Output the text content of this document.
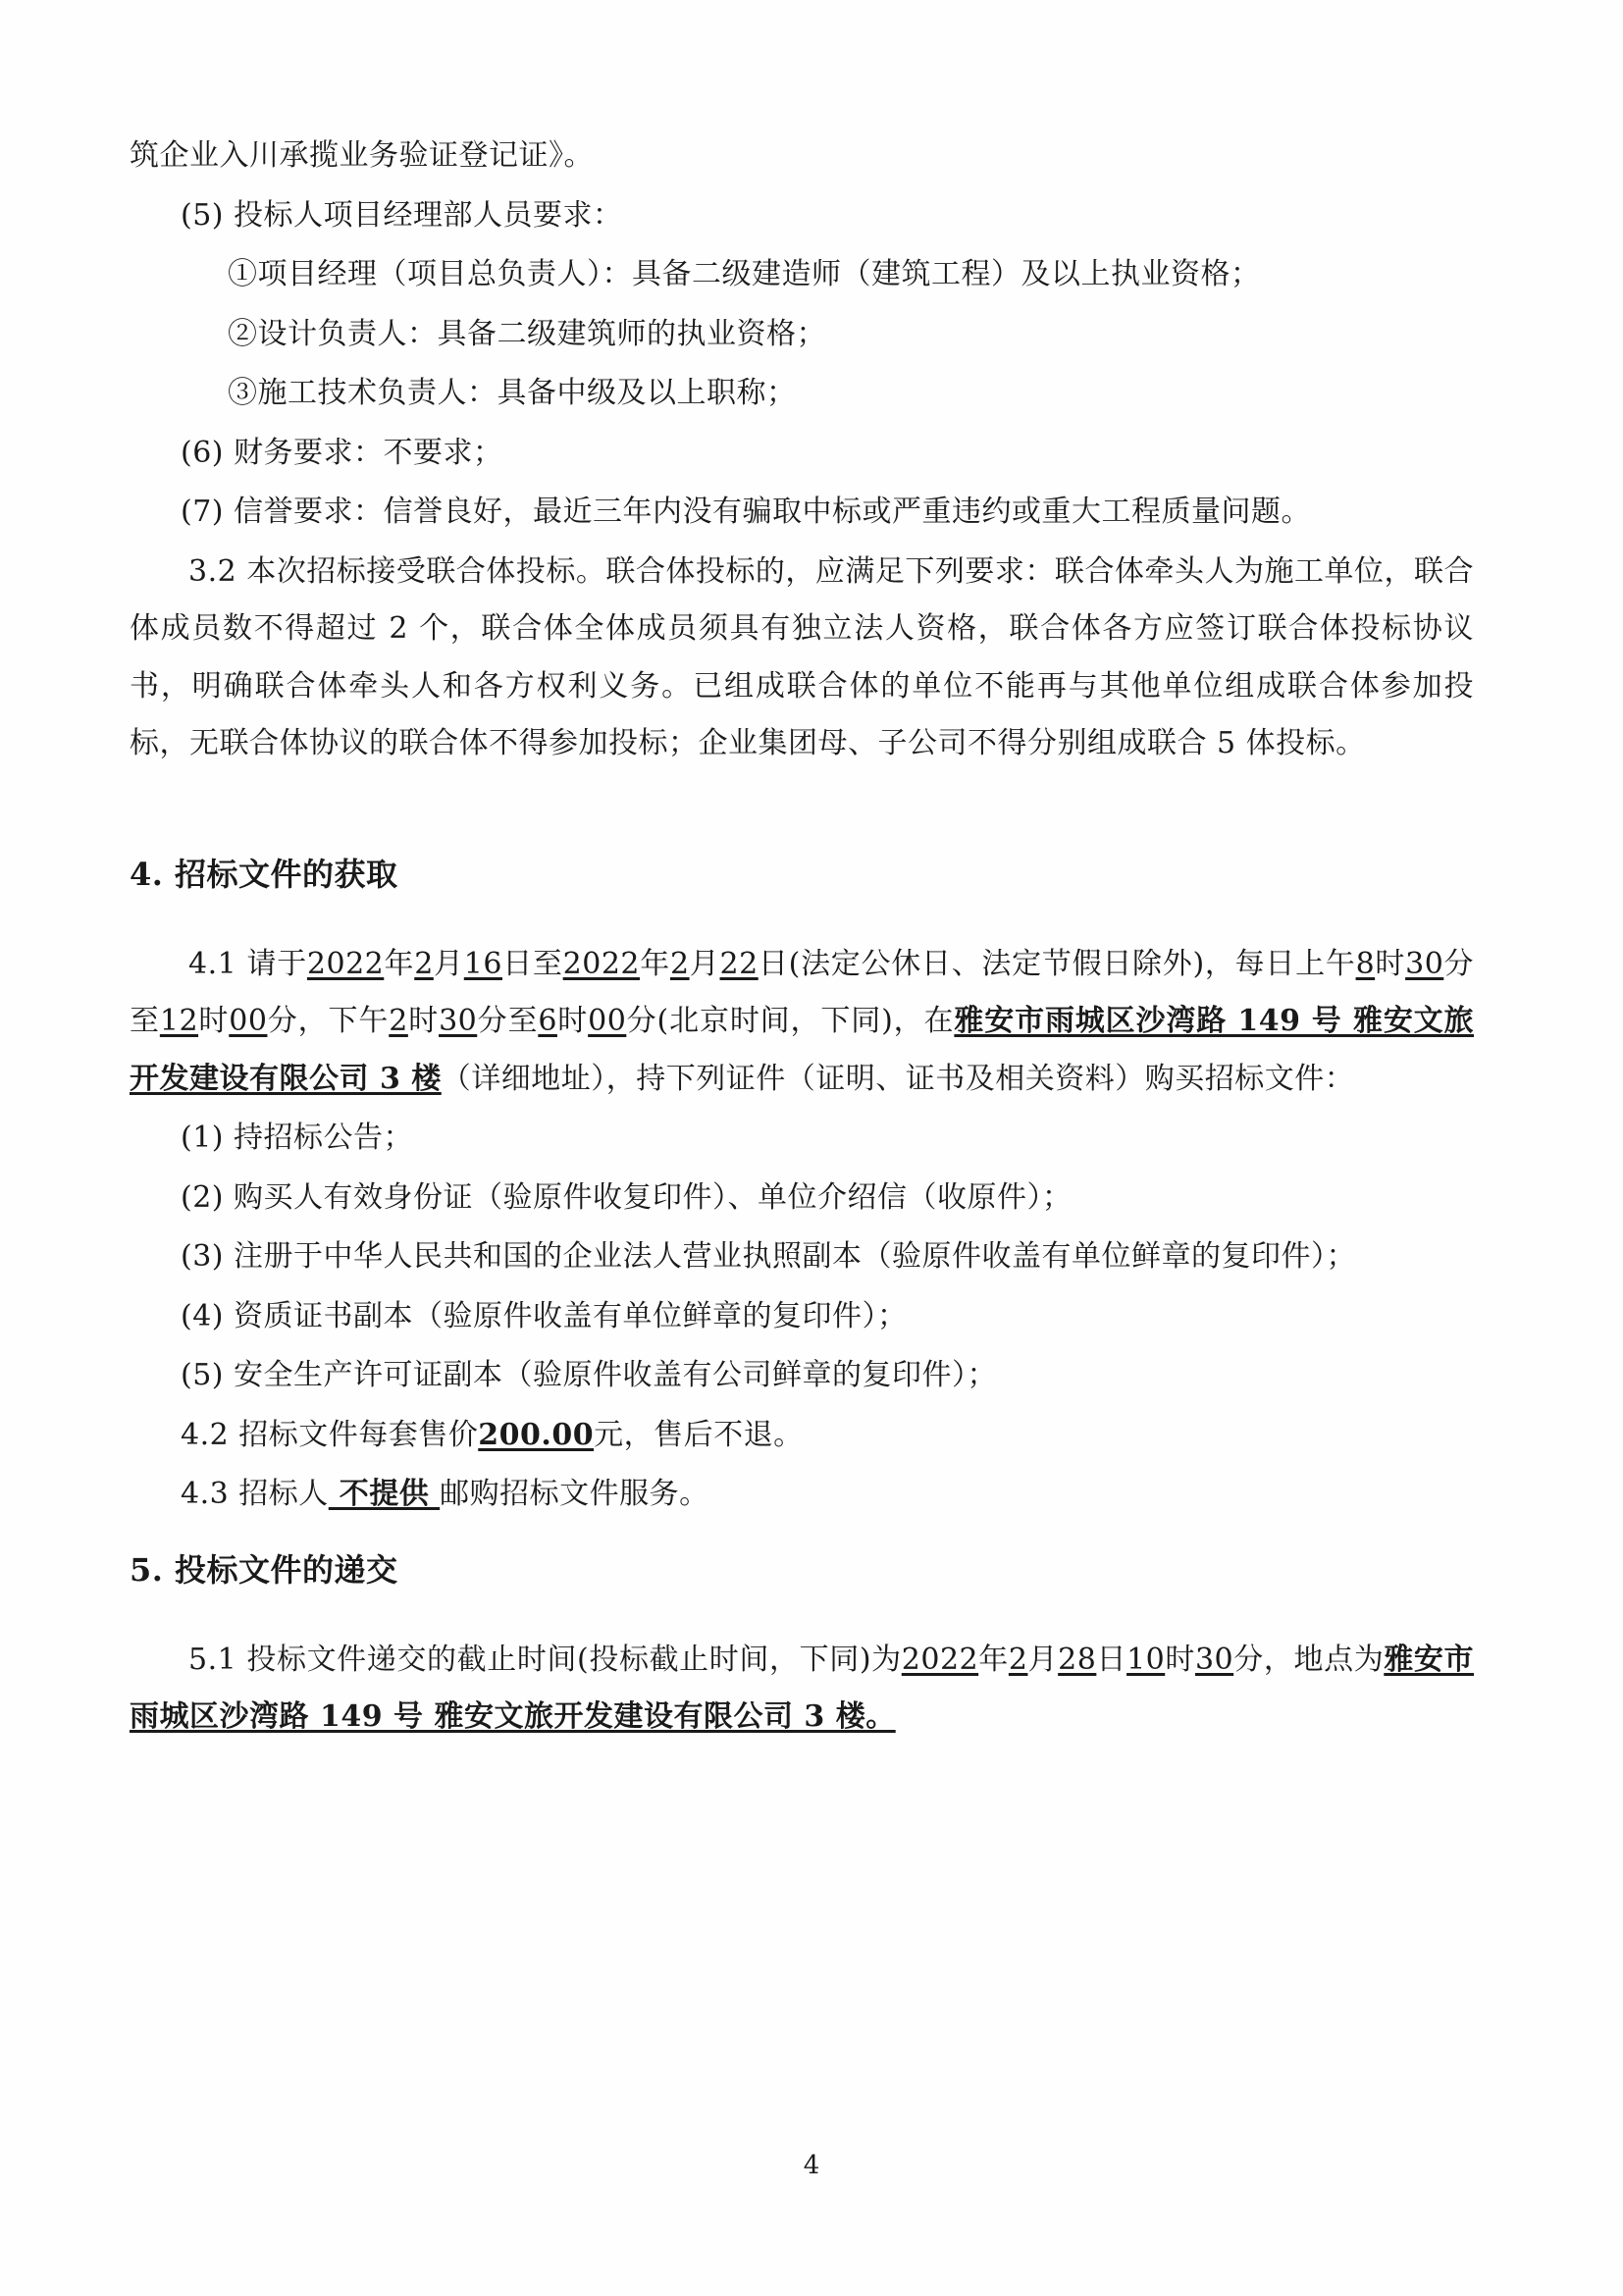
筑企业入川承揽业务验证登记证》。

(5) 投标人项目经理部人员要求：

①项目经理（项目总负责人）：具备二级建造师（建筑工程）及以上执业资格；

②设计负责人：具备二级建筑师的执业资格；

③施工技术负责人：具备中级及以上职称；

(6) 财务要求：不要求；

(7) 信誉要求：信誉良好，最近三年内没有骗取中标或严重违约或重大工程质量问题。

3.2 本次招标接受联合体投标。联合体投标的，应满足下列要求：联合体牵头人为施工单位，联合体成员数不得超过 2 个，联合体全体成员须具有独立法人资格，联合体各方应签订联合体投标协议书，明确联合体牵头人和各方权利义务。已组成联合体的单位不能再与其他单位组成联合体参加投标，无联合体协议的联合体不得参加投标；企业集团母、子公司不得分别组成联合 5 体投标。

4. 招标文件的获取

4.1 请于2022年2月16日至2022年2月22日(法定公休日、法定节假日除外)，每日上午8时30分至12时00分，下午2时30分至6时00分(北京时间，下同)，在雅安市雨城区沙湾路 149 号 雅安文旅开发建设有限公司 3 楼（详细地址），持下列证件（证明、证书及相关资料）购买招标文件：

(1) 持招标公告；

(2) 购买人有效身份证（验原件收复印件）、单位介绍信（收原件）；

(3) 注册于中华人民共和国的企业法人营业执照副本（验原件收盖有单位鲜章的复印件）；

(4) 资质证书副本（验原件收盖有单位鲜章的复印件）；

(5) 安全生产许可证副本（验原件收盖有公司鲜章的复印件）；

4.2 招标文件每套售价200.00元，售后不退。

4.3 招标人 不提供 邮购招标文件服务。

5. 投标文件的递交

5.1 投标文件递交的截止时间(投标截止时间，下同)为2022年2月28日10时30分，地点为雅安市雨城区沙湾路 149 号 雅安文旅开发建设有限公司 3 楼。

4
